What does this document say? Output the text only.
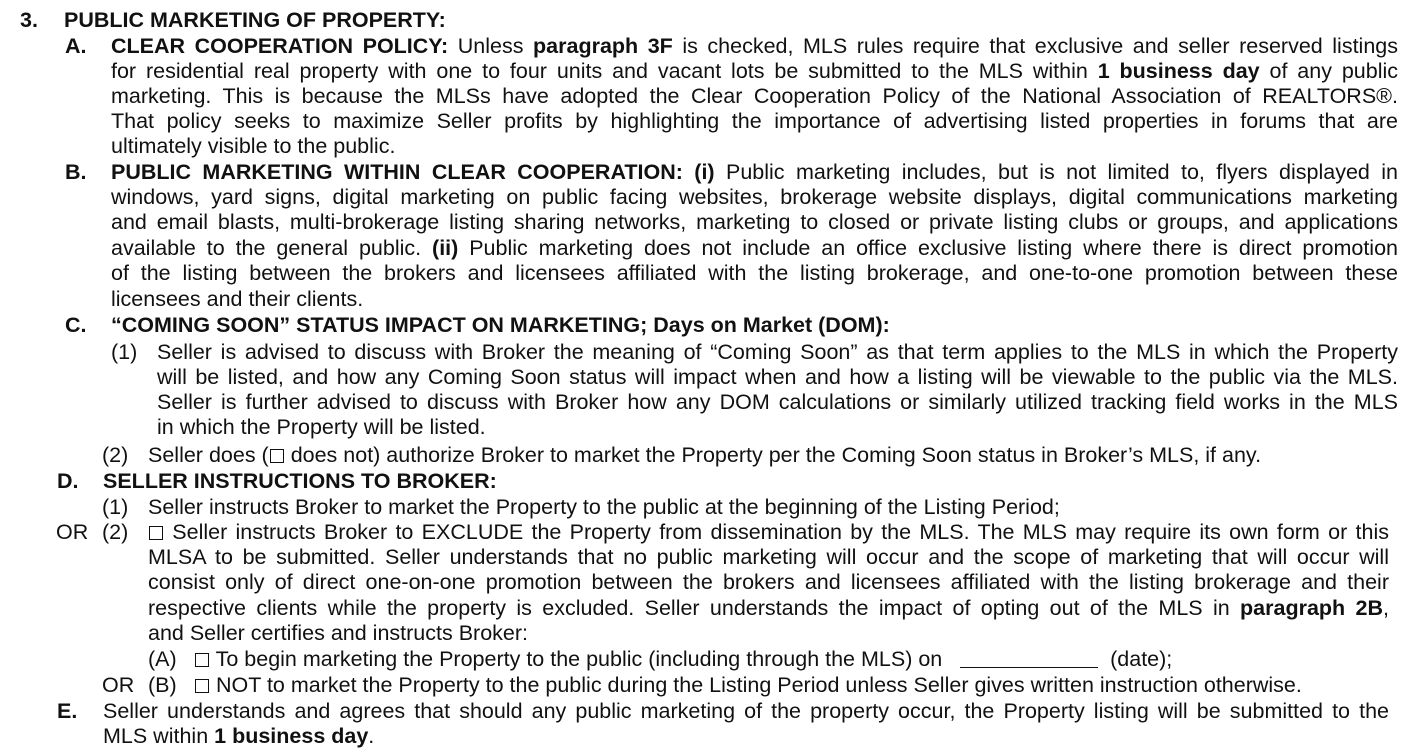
3. PUBLIC MARKETING OF PROPERTY:
A. CLEAR COOPERATION POLICY: Unless paragraph 3F is checked, MLS rules require that exclusive and seller reserved listings
for residential real property with one to four units and vacant lots be submitted to the MLS within 1 business day of any public
marketing. This is because the MLSs have adopted the Clear Cooperation Policy of the National Association of REALTORS®.
That policy seeks to maximize Seller profits by highlighting the importance of advertising listed properties in forums that are
ultimately visible to the public.
B. PUBLIC MARKETING WITHIN CLEAR COOPERATION: (i) Public marketing includes, but is not limited to, flyers displayed in
windows, yard signs, digital marketing on public facing websites, brokerage website displays, digital communications marketing
and email blasts, multi-brokerage listing sharing networks, marketing to closed or private listing clubs or groups, and applications
available to the general public. (ii) Public marketing does not include an office exclusive listing where there is direct promotion
of the listing between the brokers and licensees affiliated with the listing brokerage, and one-to-one promotion between these
licensees and their clients.
C. “COMING SOON” STATUS IMPACT ON MARKETING; Days on Market (DOM):
(1) Seller is advised to discuss with Broker the meaning of “Coming Soon” as that term applies to the MLS in which the Property
will be listed, and how any Coming Soon status will impact when and how a listing will be viewable to the public via the MLS.
Seller is further advised to discuss with Broker how any DOM calculations or similarly utilized tracking field works in the MLS
in which the Property will be listed.
(2) Seller does ( does not) authorize Broker to market the Property per the Coming Soon status in Broker’s MLS, if any.
D. SELLER INSTRUCTIONS TO BROKER:
(1) Seller instructs Broker to market the Property to the public at the beginning of the Listing Period;
OR (2)	Seller instructs Broker to EXCLUDE the Property from dissemination by the MLS. The MLS may require its own form or this
MLSA to be submitted. Seller understands that no public marketing will occur and the scope of marketing that will occur will
consist only of direct one-on-one promotion between the brokers and licensees affiliated with the listing brokerage and their
respective clients while the property is excluded. Seller understands the impact of opting out of the MLS in paragraph 2B,
and Seller certifies and instructs Broker:
(A)	To begin marketing the Property to the public (including through the MLS) on	(date);
OR (B)	NOT to market the Property to the public during the Listing Period unless Seller gives written instruction otherwise.
E. Seller understands and agrees that should any public marketing of the property occur, the Property listing will be submitted to the
MLS within 1 business day.
